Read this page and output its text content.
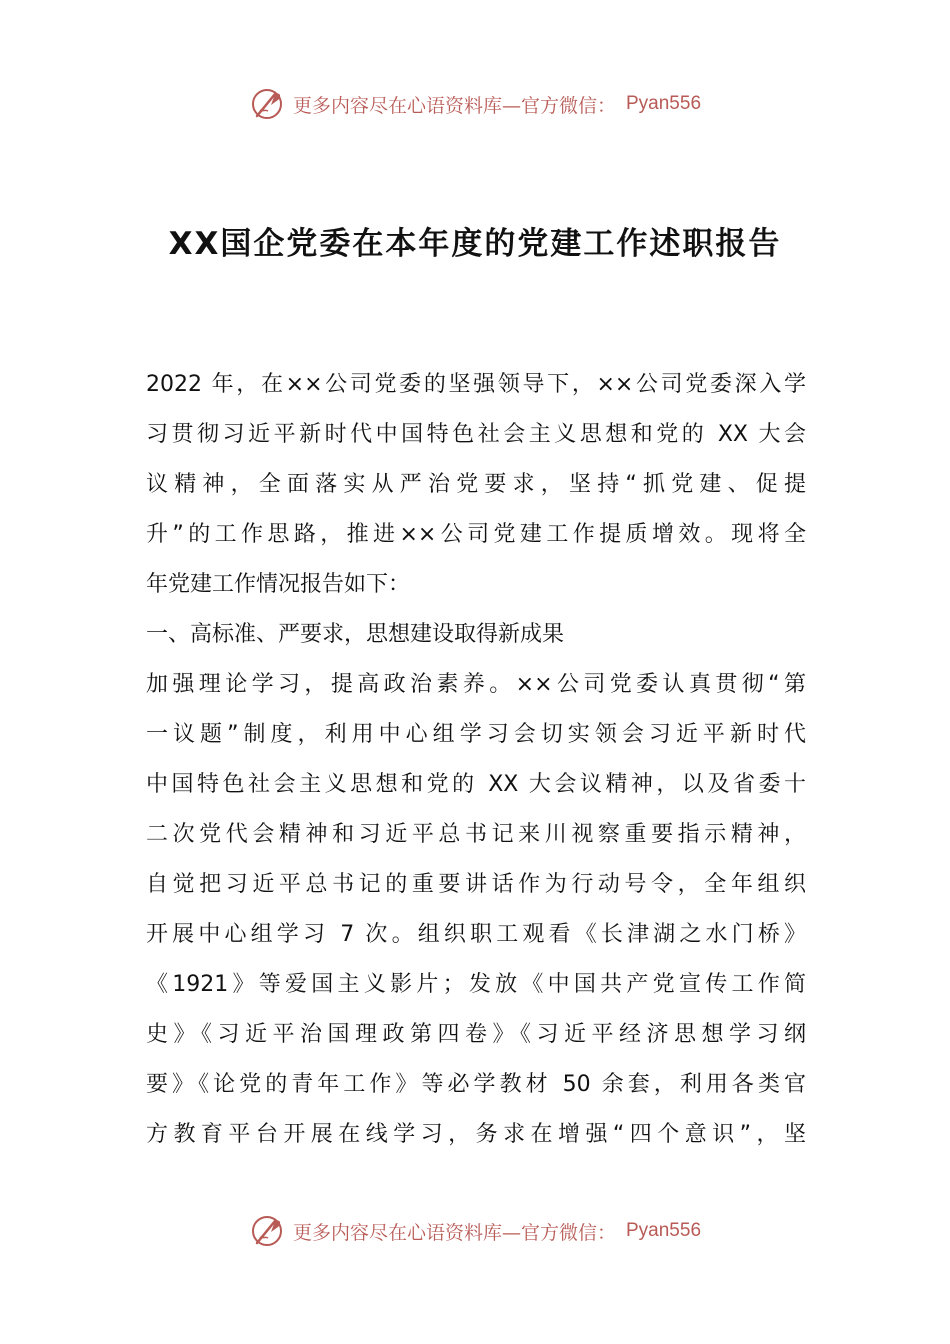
更多内容尽在心语资料库—官方微信： Pyan556
XX国企党委在本年度的党建工作述职报告
2022 年，在××公司党委的坚强领导下，××公司党委深入学
习贯彻习近平新时代中国特色社会主义思想和党的 XX 大会
议精神，全面落实从严治党要求，坚持“抓党建、促提
升”的工作思路，推进××公司党建工作提质增效。现将全
年党建工作情况报告如下：
一、高标准、严要求，思想建设取得新成果
加强理论学习，提高政治素养。××公司党委认真贯彻“第
一议题”制度，利用中心组学习会切实领会习近平新时代
中国特色社会主义思想和党的 XX 大会议精神，以及省委十
二次党代会精神和习近平总书记来川视察重要指示精神，
自觉把习近平总书记的重要讲话作为行动号令，全年组织
开展中心组学习 7 次。组织职工观看《长津湖之水门桥》
《1921》等爱国主义影片；发放《中国共产党宣传工作简
史》《习近平治国理政第四卷》《习近平经济思想学习纲
要》《论党的青年工作》等必学教材 50 余套，利用各类官
方教育平台开展在线学习，务求在增强“四个意识”，坚
更多内容尽在心语资料库—官方微信： Pyan556
